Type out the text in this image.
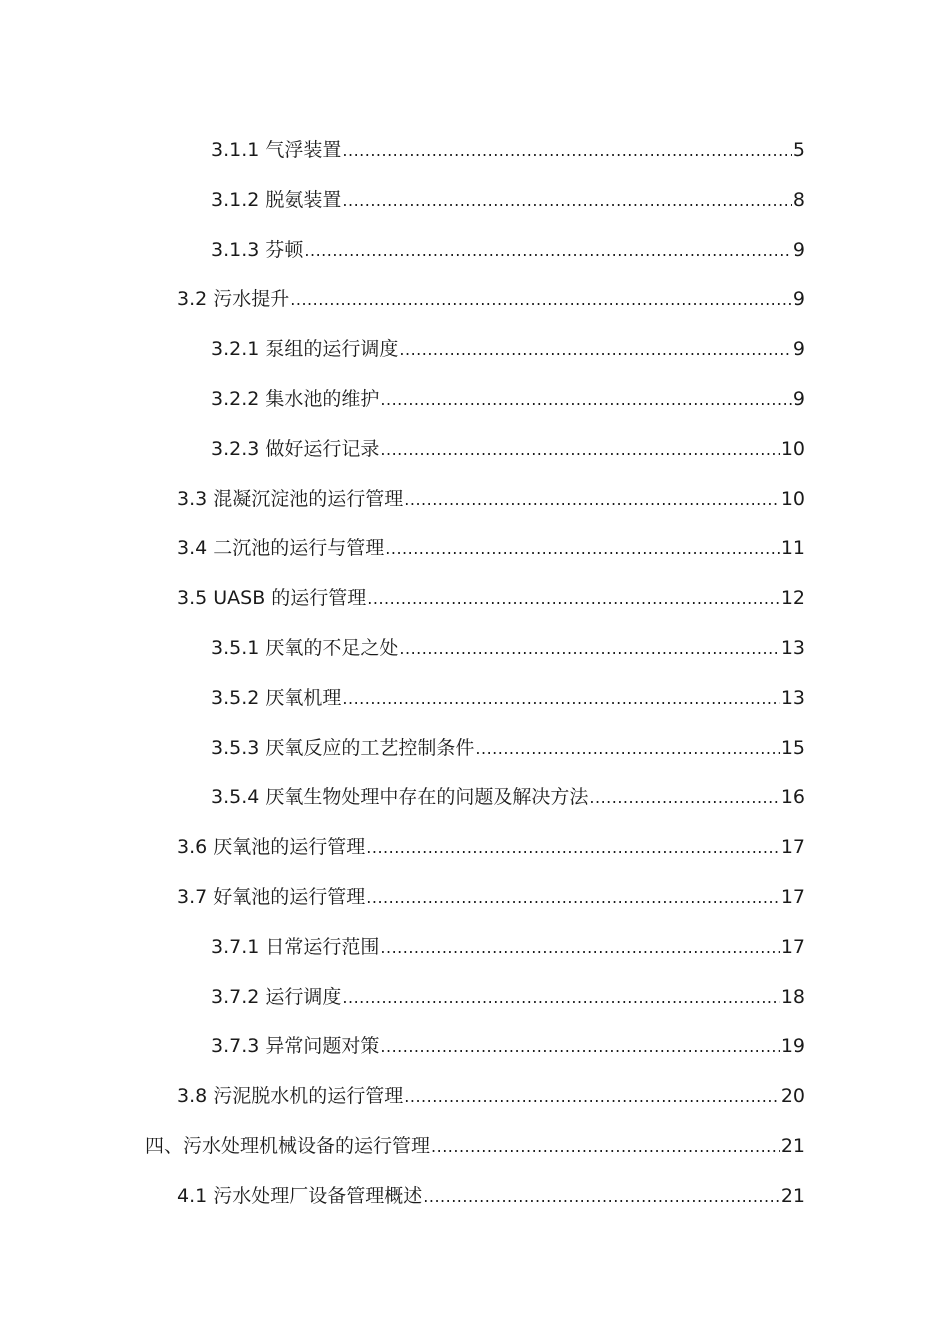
3.1.1 气浮装置 .....	5
3.1.2 脱氨装置 .....	8
3.1.3 芬顿 .....	9
3.2 污水提升 .....	9
3.2.1 泵组的运行调度 .....	9
3.2.2 集水池的维护 .....	9
3.2.3 做好运行记录 .....	10
3.3 混凝沉淀池的运行管理 .....	10
3.4 二沉池的运行与管理 .....	11
3.5 UASB 的运行管理 .....	12
3.5.1 厌氧的不足之处 .....	13
3.5.2 厌氧机理 .....	13
3.5.3 厌氧反应的工艺控制条件 .....	15
3.5.4 厌氧生物处理中存在的问题及解决方法 .....	16
3.6 厌氧池的运行管理 .....	17
3.7 好氧池的运行管理 .....	17
3.7.1 日常运行范围 .....	17
3.7.2 运行调度 .....	18
3.7.3 异常问题对策 .....	19
3.8 污泥脱水机的运行管理 .....	20
四、污水处理机械设备的运行管理 .....	21
4.1 污水处理厂设备管理概述 .....	21
